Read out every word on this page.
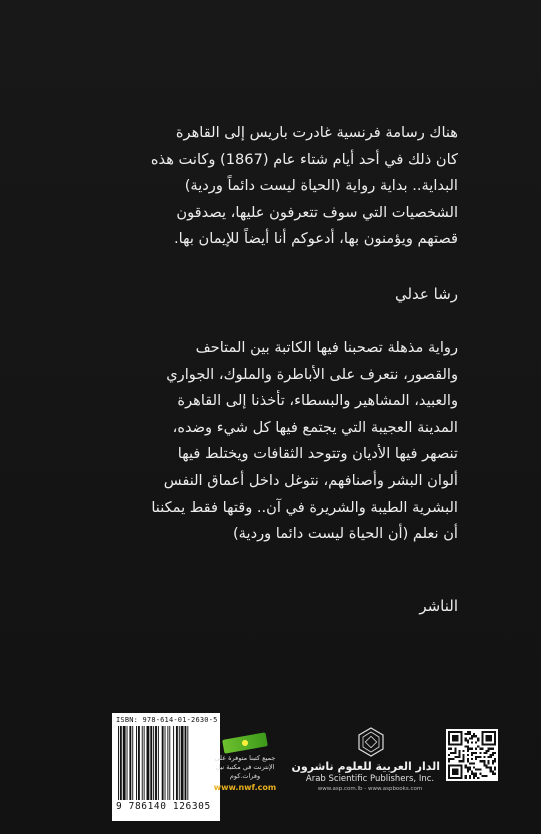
هناك رسامة فرنسية غادرت باريس إلى القاهرة

كان ذلك في أحد أيام شتاء عام (1867) وكانت هذه

البداية.. بداية رواية (الحياة ليست دائماً وردية)

الشخصيات التي سوف تتعرفون عليها، يصدقون

قصتهم ويؤمنون بها، أدعوكم أنا أيضاً للإيمان بها.

رشا عدلي

رواية مذهلة تصحبنا فيها الكاتبة بين المتاحف

والقصور، نتعرف على الأباطرة والملوك، الجواري

والعبيد، المشاهير والبسطاء، تأخذنا إلى القاهرة

المدينة العجيبة التي يجتمع فيها كل شيء وضده،

تنصهر فيها الأديان وتتوحد الثقافات ويختلط فيها

ألوان البشر وأصنافهم، نتوغل داخل أعماق النفس

البشرية الطيبة والشريرة في آن.. وقتها فقط يمكننا

أن نعلم (أن الحياة ليست دائما وردية)

الناشر
ISBN: 978-614-01-2630-5
9 786140 126305
جميع كتبنا متوفرة على الإنترنت في مكتبة نيل وفرات.كوم
www.nwf.com
الدار العربية للعلوم ناشرون
Arab Scientific Publishers, Inc.
www.asp.com.lb - www.aspbooks.com
